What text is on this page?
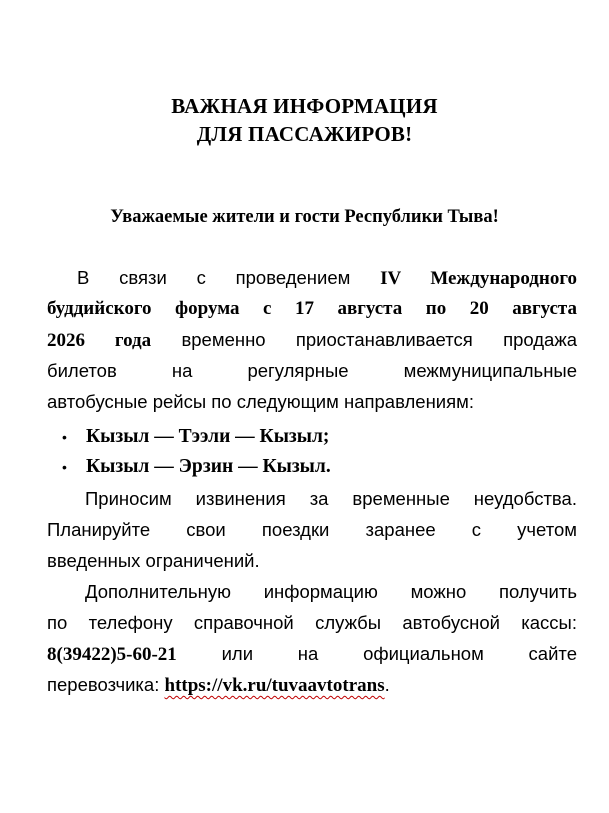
ВАЖНАЯ ИНФОРМАЦИЯ
ДЛЯ ПАССАЖИРОВ!
Уважаемые жители и гости Республики Тыва!
В связи с проведением IV Международного
буддийского форума с 17 августа по 20 августа
2026 года временно приостанавливается продажа
билетов на регулярные межмуниципальные
автобусные рейсы по следующим направлениям:
• Кызыл — Тээли — Кызыл;
• Кызыл — Эрзин — Кызыл.
Приносим извинения за временные неудобства.
Планируйте свои поездки заранее с учетом
введенных ограничений.
Дополнительную информацию можно получить
по телефону справочной службы автобусной кассы:
8(39422)5-60-21 или на официальном сайте
перевозчика: https://vk.ru/tuvaavtotrans.
